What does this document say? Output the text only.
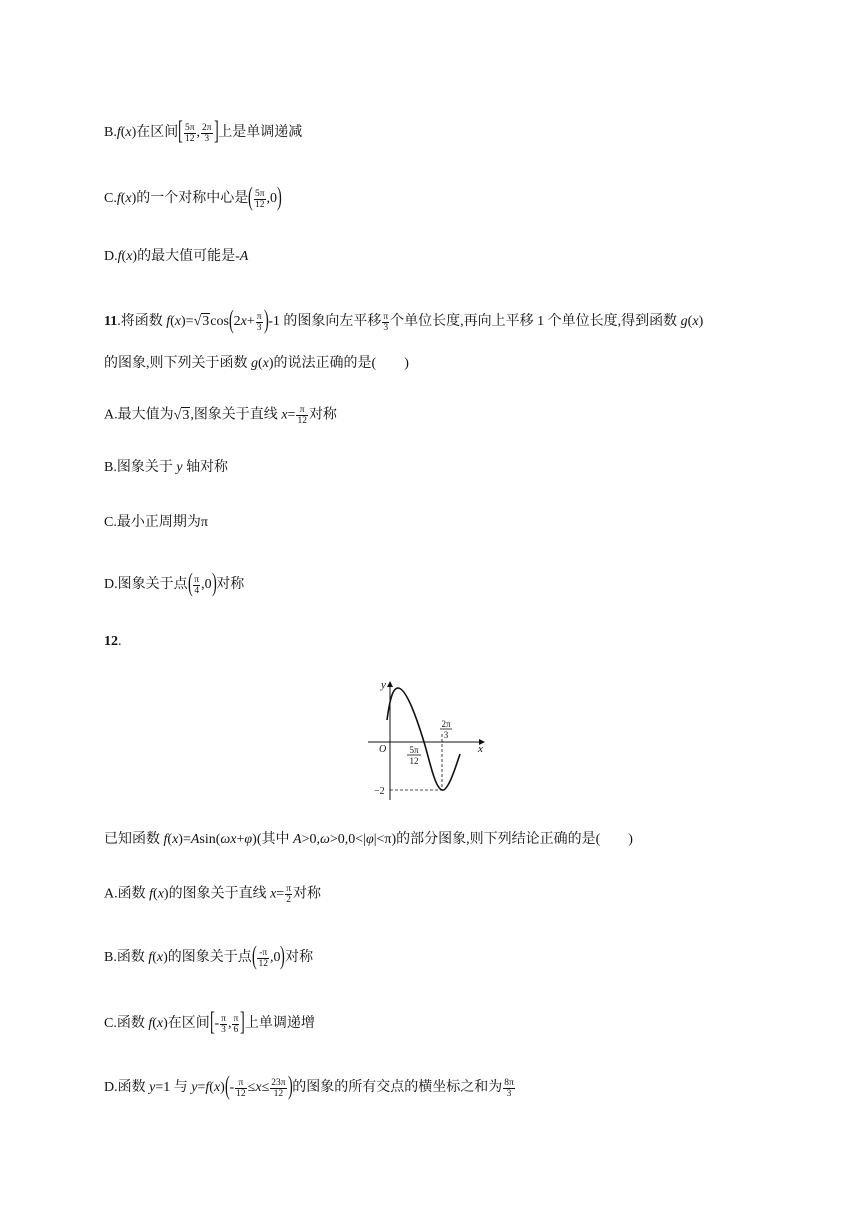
B.f(x)在区间[ $\frac{5\pi}{12}$ , $\frac{2\pi}{3}$ ]上是单调递减
C.f(x)的一个对称中心是( $\frac{5\pi}{12} ,0$)
D.f(x)的最大值可能是-A
11.将函数 $f(x)=√3\cos(2x+ \frac{\pi}{3} )-1$ 的图象向左平移 $\frac{\pi}{3}$ 个单位长度,再向上平移 1 个单位长度,得到函数 g(x)
的图象,则下列关于函数 g(x)的说法正确的是(　　 )
A.最大值为√3,图象关于直线 $x= \frac{\pi}{12}$ 对称
B.图象关于 y 轴对称
C.最小正周期为π
D.图象关于点( $\frac{\pi}{4} ,0$)对称
12.
y
x
O	5π
12
2π
3
−2
已知函数 f(x)=Asin(ωx+φ)(其中 A>0,ω>0,0<|φ|<π)的部分图象,则下列结论正确的是(　　 )
A.函数 f(x)的图象关于直线 $x= \frac{\pi}{2}$ 对称
B.函数 f(x)的图象关于点( $\frac{-\pi}{12} ,0$)对称
C.函数 f(x)在区间[- $\frac{\pi}{3}$ , $\frac{\pi}{6}$ ]上单调递增
D.函数 y=1 与 $y=f(x)(- \frac{\pi}{12} \le x\le \frac{23\pi}{12}$ )的图象的所有交点的横坐标之和为 $\frac{8\pi}{3}$
